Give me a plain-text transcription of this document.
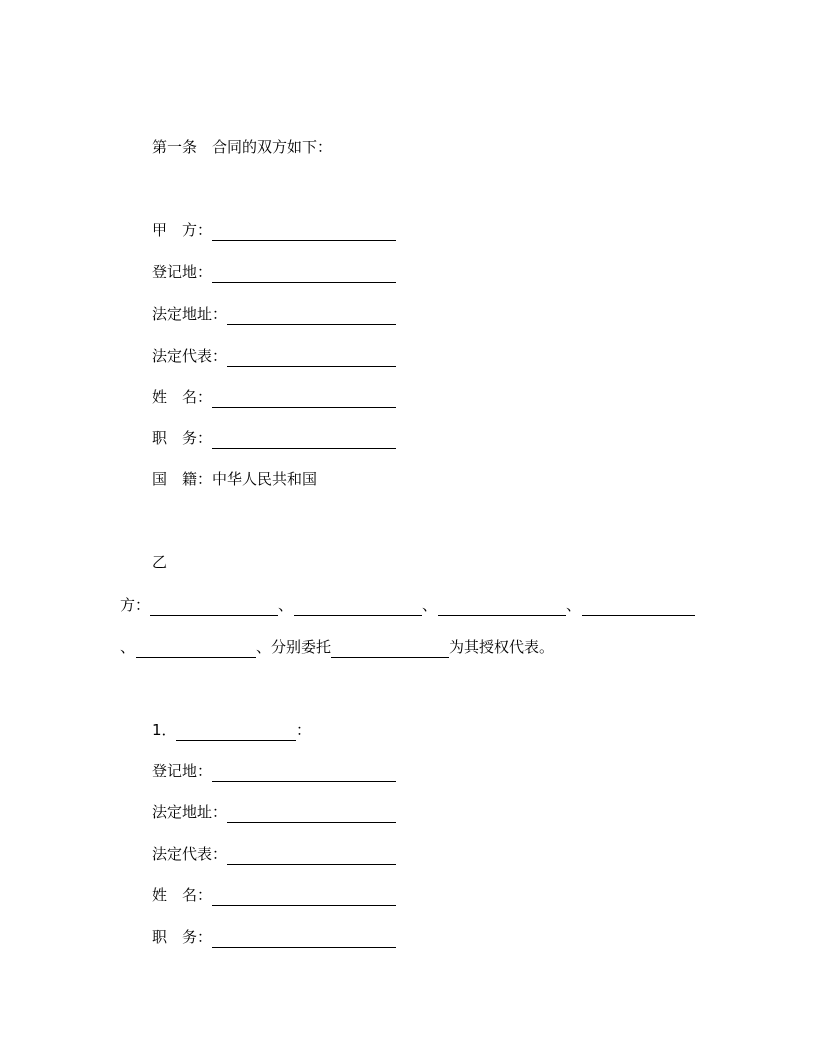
第一条　合同的双方如下：
甲　方：
登记地：
法定地址：
法定代表：
姓　名：
职　务：
国　籍： 中华人民共和国
乙
方：	、	、	、
、	、分别委托	为其授权代表。
1．	：
登记地：
法定地址：
法定代表：
姓　名：
职　务：
